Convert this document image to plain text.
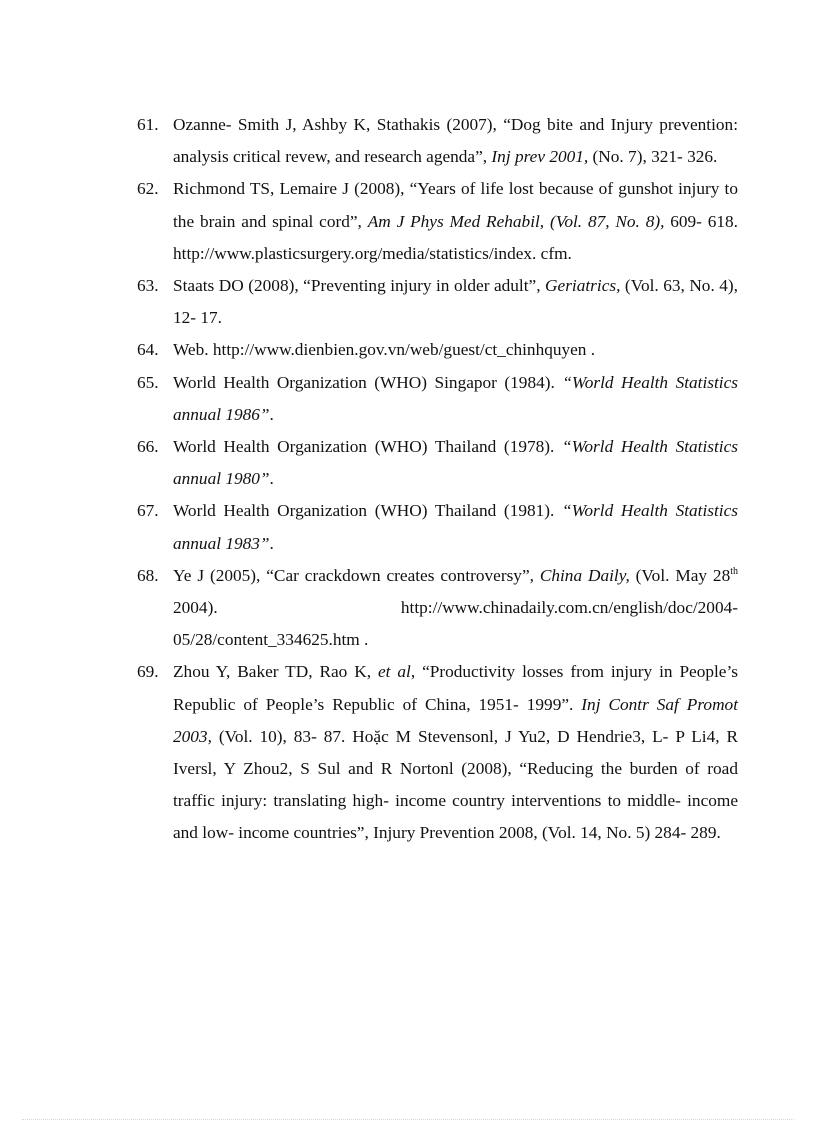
61. Ozanne- Smith J, Ashby K, Stathakis (2007), “Dog bite and Injury prevention: analysis critical revew, and research agenda”, Inj prev 2001, (No. 7), 321- 326.
62. Richmond TS, Lemaire J (2008), “Years of life lost because of gunshot injury to the brain and spinal cord”, Am J Phys Med Rehabil, (Vol. 87, No. 8), 609- 618. http://www.plasticsurgery.org/media/statistics/index. cfm.
63. Staats DO (2008), “Preventing injury in older adult”, Geriatrics, (Vol. 63, No. 4), 12- 17.
64. Web. http://www.dienbien.gov.vn/web/guest/ct_chinhquyen .
65. World Health Organization (WHO) Singapor (1984). “World Health Statistics annual 1986”.
66. World Health Organization (WHO) Thailand (1978). “World Health Statistics annual 1980”.
67. World Health Organization (WHO) Thailand (1981). “World Health Statistics annual 1983”.
68. Ye J (2005), “Car crackdown creates controversy”, China Daily, (Vol. May 28th 2004). http://www.chinadaily.com.cn/english/doc/2004-05/28/content_334625.htm .
69. Zhou Y, Baker TD, Rao K, et al, “Productivity losses from injury in People’s Republic of People’s Republic of China, 1951- 1999”. Inj Contr Saf Promot 2003, (Vol. 10), 83- 87. Hoặc M Stevensonl, J Yu2, D Hendrie3, L- P Li4, R Iversl, Y Zhou2, S Sul and R Nortonl (2008), “Reducing the burden of road traffic injury: translating high- income country interventions to middle- income and low- income countries”, Injury Prevention 2008, (Vol. 14, No. 5) 284- 289.
